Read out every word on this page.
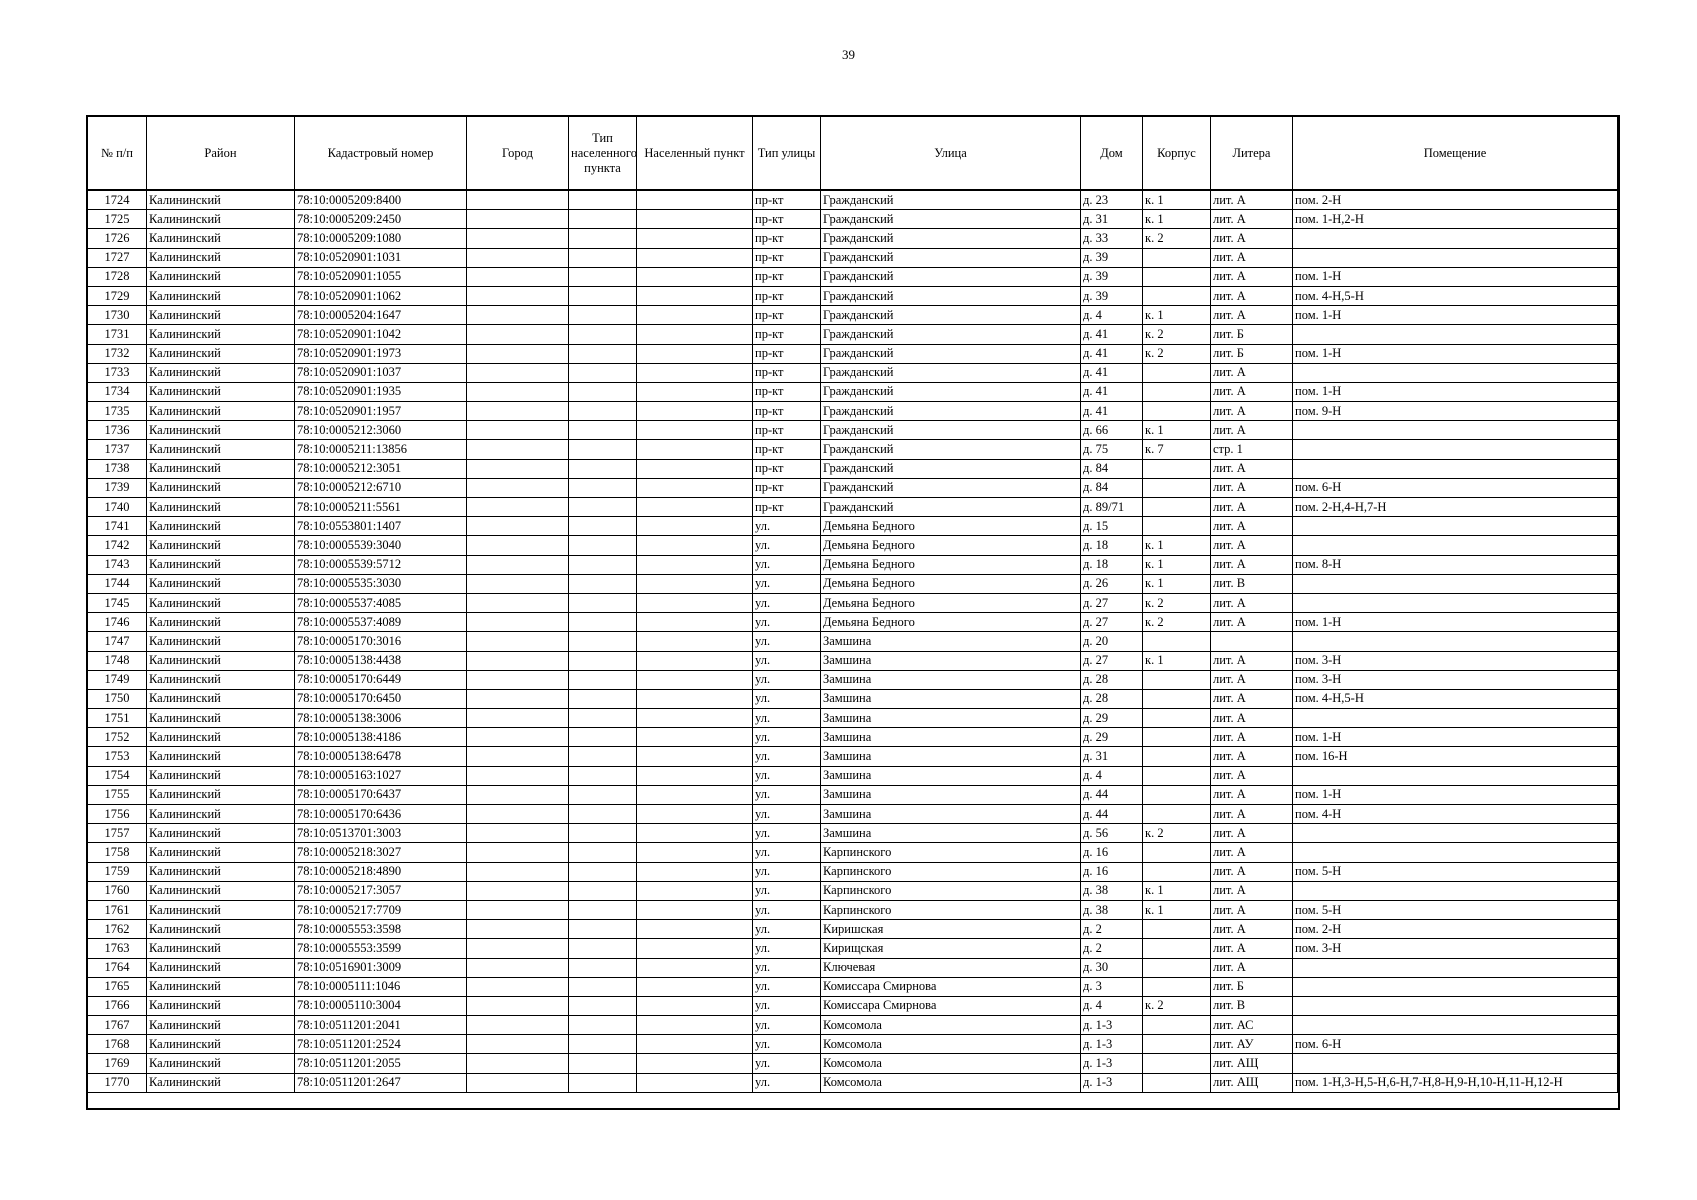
39
№ п/п	Район	Кадастровый номер	Город	Тип населенного пункта	Населенный пункт	Тип улицы	Улица	Дом	Корпус	Литера	Помещение
1724	Калининский	78:10:0005209:8400				пр-кт	Гражданский	д. 23	к. 1	лит. А	пом. 2-Н
1725	Калининский	78:10:0005209:2450				пр-кт	Гражданский	д. 31	к. 1	лит. А	пом. 1-Н,2-Н
1726	Калининский	78:10:0005209:1080				пр-кт	Гражданский	д. 33	к. 2	лит. А	
1727	Калининский	78:10:0520901:1031				пр-кт	Гражданский	д. 39		лит. А	
1728	Калининский	78:10:0520901:1055				пр-кт	Гражданский	д. 39		лит. А	пом. 1-Н
1729	Калининский	78:10:0520901:1062				пр-кт	Гражданский	д. 39		лит. А	пом. 4-Н,5-Н
1730	Калининский	78:10:0005204:1647				пр-кт	Гражданский	д. 4	к. 1	лит. А	пом. 1-Н
1731	Калининский	78:10:0520901:1042				пр-кт	Гражданский	д. 41	к. 2	лит. Б	
1732	Калининский	78:10:0520901:1973				пр-кт	Гражданский	д. 41	к. 2	лит. Б	пом. 1-Н
1733	Калининский	78:10:0520901:1037				пр-кт	Гражданский	д. 41		лит. А	
1734	Калининский	78:10:0520901:1935				пр-кт	Гражданский	д. 41		лит. А	пом. 1-Н
1735	Калининский	78:10:0520901:1957				пр-кт	Гражданский	д. 41		лит. А	пом. 9-Н
1736	Калининский	78:10:0005212:3060				пр-кт	Гражданский	д. 66	к. 1	лит. А	
1737	Калининский	78:10:0005211:13856				пр-кт	Гражданский	д. 75	к. 7	стр. 1	
1738	Калининский	78:10:0005212:3051				пр-кт	Гражданский	д. 84		лит. А	
1739	Калининский	78:10:0005212:6710				пр-кт	Гражданский	д. 84		лит. А	пом. 6-Н
1740	Калининский	78:10:0005211:5561				пр-кт	Гражданский	д. 89/71		лит. А	пом. 2-Н,4-Н,7-Н
1741	Калининский	78:10:0553801:1407				ул.	Демьяна Бедного	д. 15		лит. А	
1742	Калининский	78:10:0005539:3040				ул.	Демьяна Бедного	д. 18	к. 1	лит. А	
1743	Калининский	78:10:0005539:5712				ул.	Демьяна Бедного	д. 18	к. 1	лит. А	пом. 8-Н
1744	Калининский	78:10:0005535:3030				ул.	Демьяна Бедного	д. 26	к. 1	лит. В	
1745	Калининский	78:10:0005537:4085				ул.	Демьяна Бедного	д. 27	к. 2	лит. А	
1746	Калининский	78:10:0005537:4089				ул.	Демьяна Бедного	д. 27	к. 2	лит. А	пом. 1-Н
1747	Калининский	78:10:0005170:3016				ул.	Замшина	д. 20			
1748	Калининский	78:10:0005138:4438				ул.	Замшина	д. 27	к. 1	лит. А	пом. 3-Н
1749	Калининский	78:10:0005170:6449				ул.	Замшина	д. 28		лит. А	пом. 3-Н
1750	Калининский	78:10:0005170:6450				ул.	Замшина	д. 28		лит. А	пом. 4-Н,5-Н
1751	Калининский	78:10:0005138:3006				ул.	Замшина	д. 29		лит. А	
1752	Калининский	78:10:0005138:4186				ул.	Замшина	д. 29		лит. А	пом. 1-Н
1753	Калининский	78:10:0005138:6478				ул.	Замшина	д. 31		лит. А	пом. 16-Н
1754	Калининский	78:10:0005163:1027				ул.	Замшина	д. 4		лит. А	
1755	Калининский	78:10:0005170:6437				ул.	Замшина	д. 44		лит. А	пом. 1-Н
1756	Калининский	78:10:0005170:6436				ул.	Замшина	д. 44		лит. А	пом. 4-Н
1757	Калининский	78:10:0513701:3003				ул.	Замшина	д. 56	к. 2	лит. А	
1758	Калининский	78:10:0005218:3027				ул.	Карпинского	д. 16		лит. А	
1759	Калининский	78:10:0005218:4890				ул.	Карпинского	д. 16		лит. А	пом. 5-Н
1760	Калининский	78:10:0005217:3057				ул.	Карпинского	д. 38	к. 1	лит. А	
1761	Калининский	78:10:0005217:7709				ул.	Карпинского	д. 38	к. 1	лит. А	пом. 5-Н
1762	Калининский	78:10:0005553:3598				ул.	Киришская	д. 2		лит. А	пом. 2-Н
1763	Калининский	78:10:0005553:3599				ул.	Кирищская	д. 2		лит. А	пом. 3-Н
1764	Калининский	78:10:0516901:3009				ул.	Ключевая	д. 30		лит. А	
1765	Калининский	78:10:0005111:1046				ул.	Комиссара Смирнова	д. 3		лит. Б	
1766	Калининский	78:10:0005110:3004				ул.	Комиссара Смирнова	д. 4	к. 2	лит. В	
1767	Калининский	78:10:0511201:2041				ул.	Комсомола	д. 1-3		лит. АС	
1768	Калининский	78:10:0511201:2524				ул.	Комсомола	д. 1-3		лит. АУ	пом. 6-Н
1769	Калининский	78:10:0511201:2055				ул.	Комсомола	д. 1-3		лит. АЩ	
1770	Калининский	78:10:0511201:2647				ул.	Комсомола	д. 1-3		лит. АЩ	пом. 1-Н,3-Н,5-Н,6-Н,7-Н,8-Н,9-Н,10-Н,11-Н,12-Н
